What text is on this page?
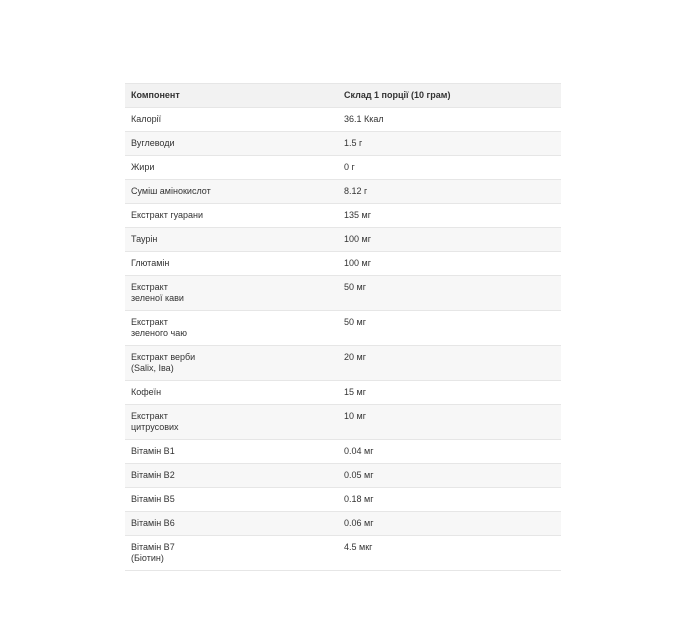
Компонент	Склад 1 порції (10 грам)
Калорії	36.1 Ккал
Вуглеводи	1.5 г
Жири	0 г
Суміш амінокислот	8.12 г
Екстракт гуарани	135 мг
Таурін	100 мг
Глютамін	100 мг
Екстракт
зеленої кави	50 мг
Екстракт
зеленого чаю	50 мг
Екстракт верби
(Salix, Іва)	20 мг
Кофеїн	15 мг
Екстракт
цитрусових	10 мг
Вітамін В1	0.04 мг
Вітамін В2	0.05 мг
Вітамін В5	0.18 мг
Вітамін В6	0.06 мг
Вітамін В7
(Біотин)	4.5 мкг
